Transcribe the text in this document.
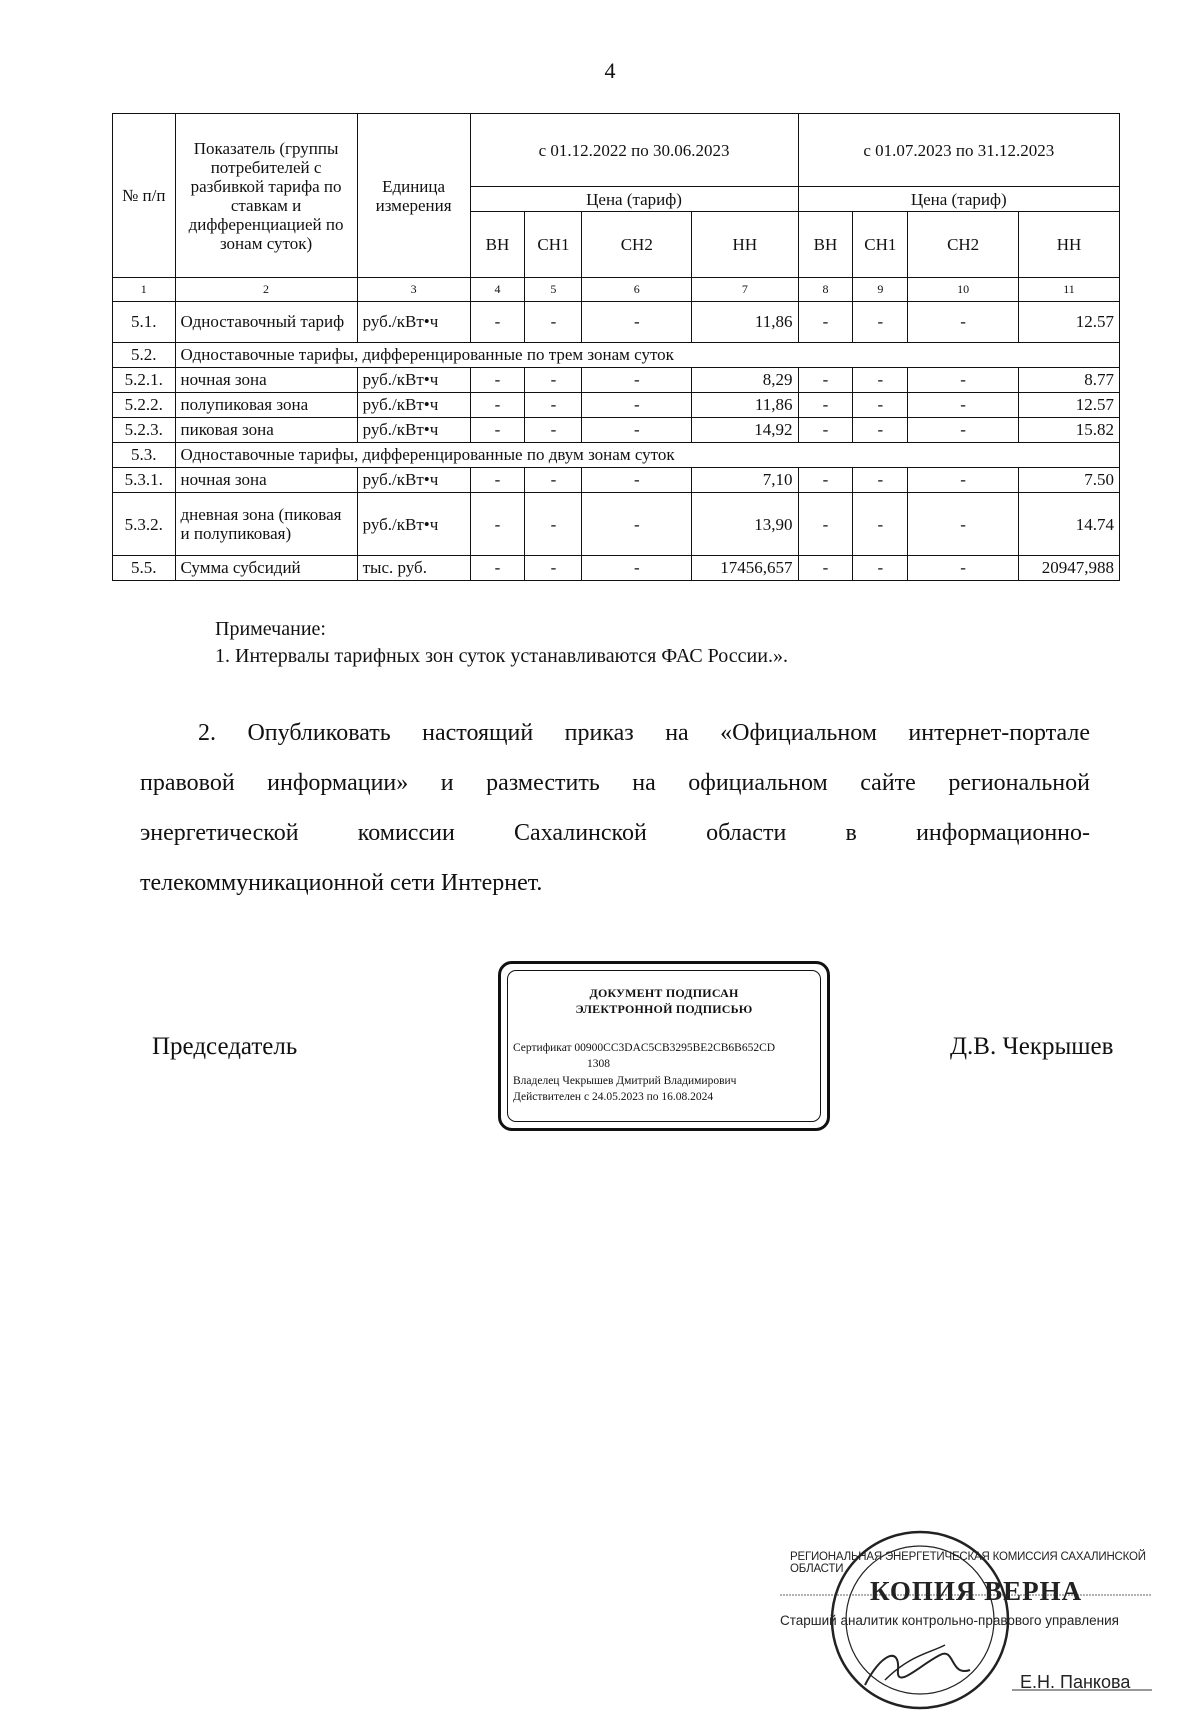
4
№ п/п	Показатель (группы потребителей с разбивкой тарифа по ставкам и дифференциацией по зонам суток)	Единица измерения	с 01.12.2022 по 30.06.2023				с 01.07.2023 по 31.12.2023			
			Цена (тариф)				Цена (тариф)			
			ВН	СН1	СН2	НН	ВН	СН1	СН2	НН
1	2	3	4	5	6	7	8	9	10	11
5.1.	Одноставочный тариф	руб./кВт•ч	-	-	-	11,86	-	-	-	12.57
5.2.	Одноставочные тарифы, дифференцированные по трем зонам суток									
5.2.1.	ночная зона	руб./кВт•ч	-	-	-	8,29	-	-	-	8.77
5.2.2.	полупиковая зона	руб./кВт•ч	-	-	-	11,86	-	-	-	12.57
5.2.3.	пиковая зона	руб./кВт•ч	-	-	-	14,92	-	-	-	15.82
5.3.	Одноставочные тарифы, дифференцированные по двум зонам суток									
5.3.1.	ночная зона	руб./кВт•ч	-	-	-	7,10	-	-	-	7.50
5.3.2.	дневная зона (пиковая и полупиковая)	руб./кВт•ч	-	-	-	13,90	-	-	-	14.74
5.5.	Сумма субсидий	тыс. руб.	-	-	-	17456,657	-	-	-	20947,988
Примечание:
1. Интервалы тарифных зон суток устанавливаются ФАС России.».
2. Опубликовать настоящий приказ на «Официальном интернет-портале
правовой информации» и разместить на официальном сайте региональной
энергетической комиссии Сахалинской области в информационно-
телекоммуникационной сети Интернет.
Председатель	Д.В. Чекрышев
ДОКУМЕНТ ПОДПИСАН
ЭЛЕКТРОННОЙ ПОДПИСЬЮ
Сертификат 00900CC3DAC5CB3295BE2CB6B652CD
1308
Владелец Чекрышев Дмитрий Владимирович
Действителен с 24.05.2023 по 16.08.2024
РЕГИОНАЛЬНАЯ ЭНЕРГЕТИЧЕСКАЯ КОМИССИЯ САХАЛИНСКОЙ ОБЛАСТИ
КОПИЯ ВЕРНА
Старший аналитик контрольно-правового управления
Е.Н. Панкова
